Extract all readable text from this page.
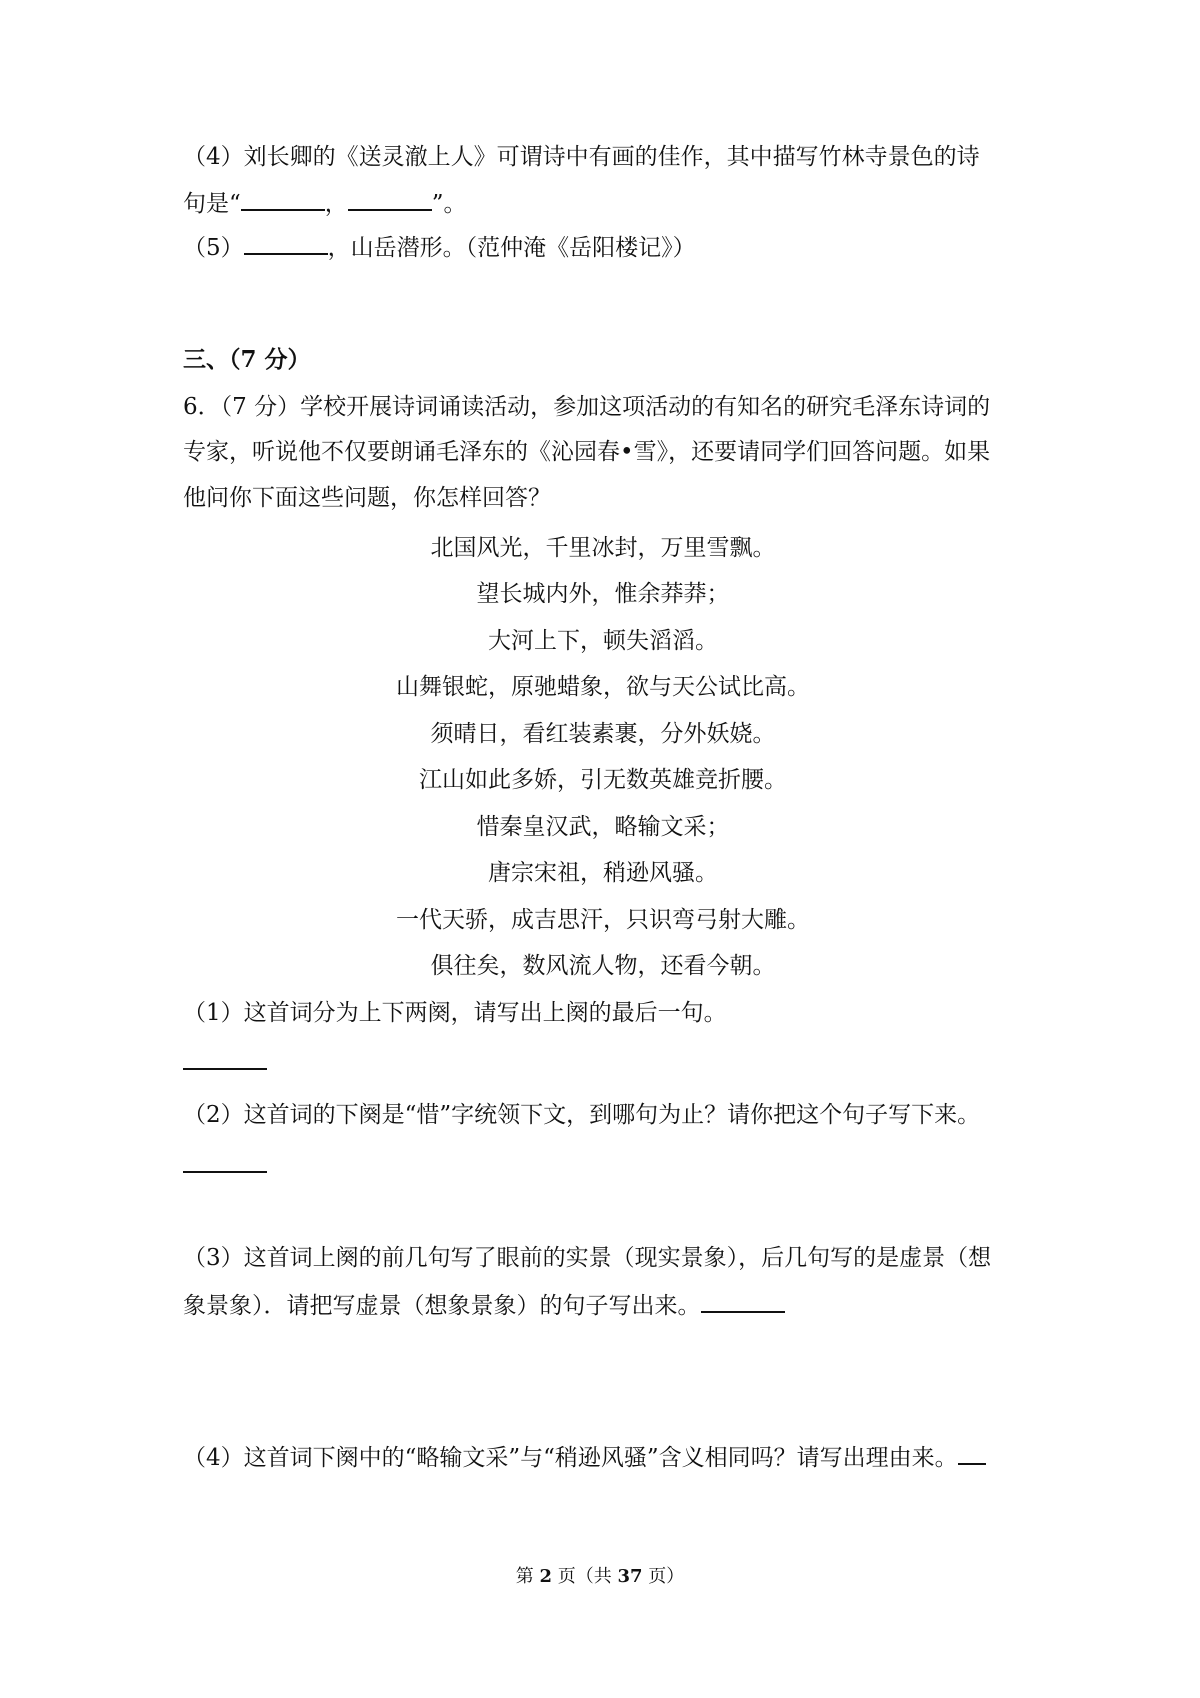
（4）刘长卿的《送灵澈上人》可谓诗中有画的佳作，其中描写竹林寺景色的诗
句是“	，	”。
（5）	，山岳潜形。（范仲淹《岳阳楼记》）
三、（7 分）
6．（7 分）学校开展诗词诵读活动，参加这项活动的有知名的研究毛泽东诗词的
专家，听说他不仅要朗诵毛泽东的《沁园春•雪》，还要请同学们回答问题。如果
他问你下面这些问题，你怎样回答？
北国风光，千里冰封，万里雪飘。
望长城内外，惟余莽莽；
大河上下，顿失滔滔。
山舞银蛇，原驰蜡象，欲与天公试比高。
须晴日，看红装素裹，分外妖娆。
江山如此多娇，引无数英雄竞折腰。
惜秦皇汉武，略输文采；
唐宗宋祖，稍逊风骚。
一代天骄，成吉思汗，只识弯弓射大雕。
俱往矣，数风流人物，还看今朝。
（1）这首词分为上下两阕，请写出上阕的最后一句。
（2）这首词的下阕是“惜”字统领下文，到哪句为止？请你把这个句子写下来。
（3）这首词上阕的前几句写了眼前的实景（现实景象），后几句写的是虚景（想
象景象）．请把写虚景（想象景象）的句子写出来。
（4）这首词下阕中的“略输文采”与“稍逊风骚”含义相同吗？请写出理由来。
第 2 页（共 37 页）
